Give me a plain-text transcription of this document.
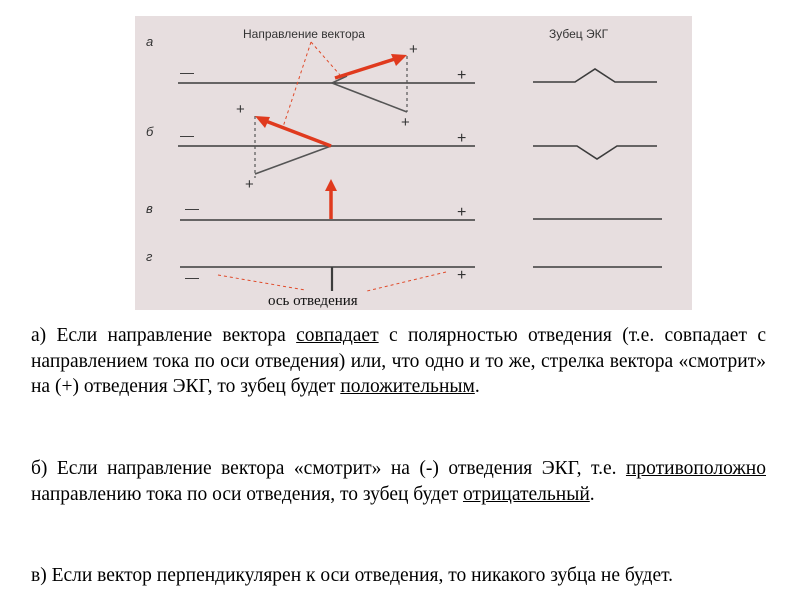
Направление вектора	Зубец ЭКГ
а
б
в
г
—	+
+
+
—	+
+
+
—	+
—	+
ось отведения

а) Если направление вектора совпадает с полярностью отведения (т.е. совпадает с направлением тока по оси отведения) или, что одно и то же, стрелка вектора «смотрит» на (+) отведения ЭКГ, то зубец будет положительным.

б) Если направление вектора «смотрит» на (-) отведения ЭКГ, т.е. противоположно направлению тока по оси отведения, то зубец будет отрицательный.

в) Если вектор перпендикулярен к оси отведения, то никакого зубца не будет.
